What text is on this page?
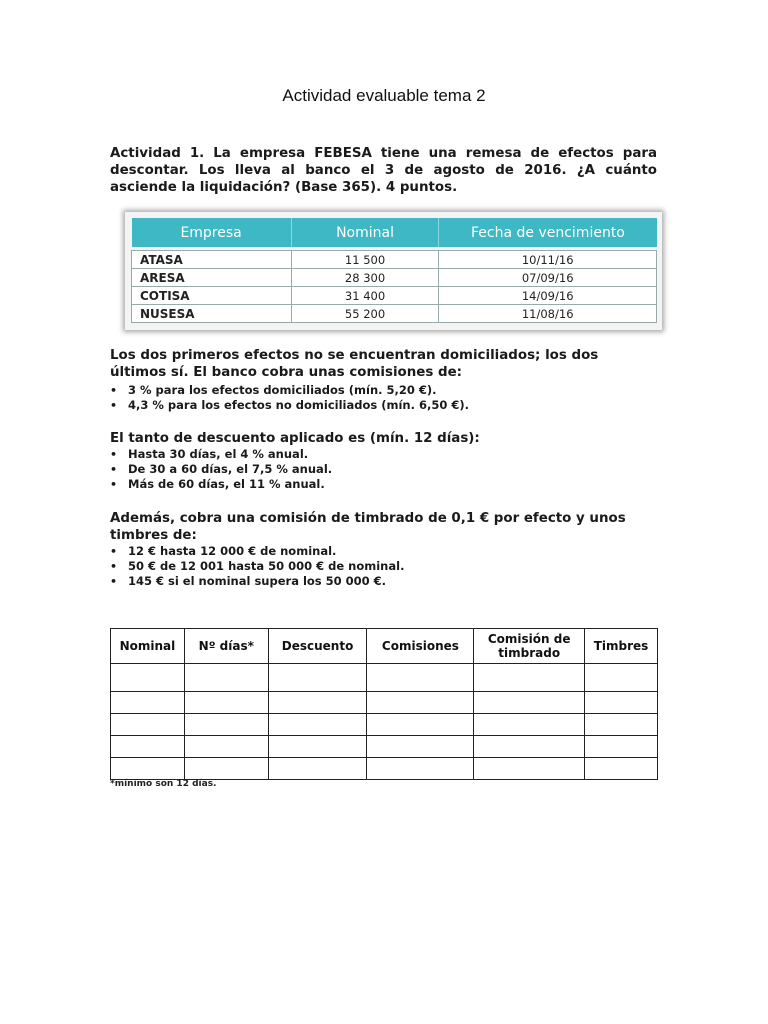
Actividad evaluable tema 2

Actividad 1. La empresa FEBESA tiene una remesa de efectos para descontar. Los lleva al banco el 3 de agosto de 2016. ¿A cuánto asciende la liquidación? (Base 365). 4 puntos.

Empresa	Nominal	Fecha de vencimiento

ATASA	11 500	10/11/16
ARESA	28 300	07/09/16
COTISA	31 400	14/09/16
NUSESA	55 200	11/08/16

Los dos primeros efectos no se encuentran domiciliados; los dos últimos sí. El banco cobra unas comisiones de:

• 3 % para los efectos domiciliados (mín. 5,20 €).
• 4,3 % para los efectos no domiciliados (mín. 6,50 €).

El tanto de descuento aplicado es (mín. 12 días):

• Hasta 30 días, el 4 % anual.
• De 30 a 60 días, el 7,5 % anual.
• Más de 60 días, el 11 % anual.

Además, cobra una comisión de timbrado de 0,1 € por efecto y unos timbres de:

• 12 € hasta 12 000 € de nominal.
• 50 € de 12 001 hasta 50 000 € de nominal.
• 145 € si el nominal supera los 50 000 €.
Nominal	Nº días*	Descuento	Comisiones	Comisión de timbrado	Timbres

*mínimo son 12 días.
